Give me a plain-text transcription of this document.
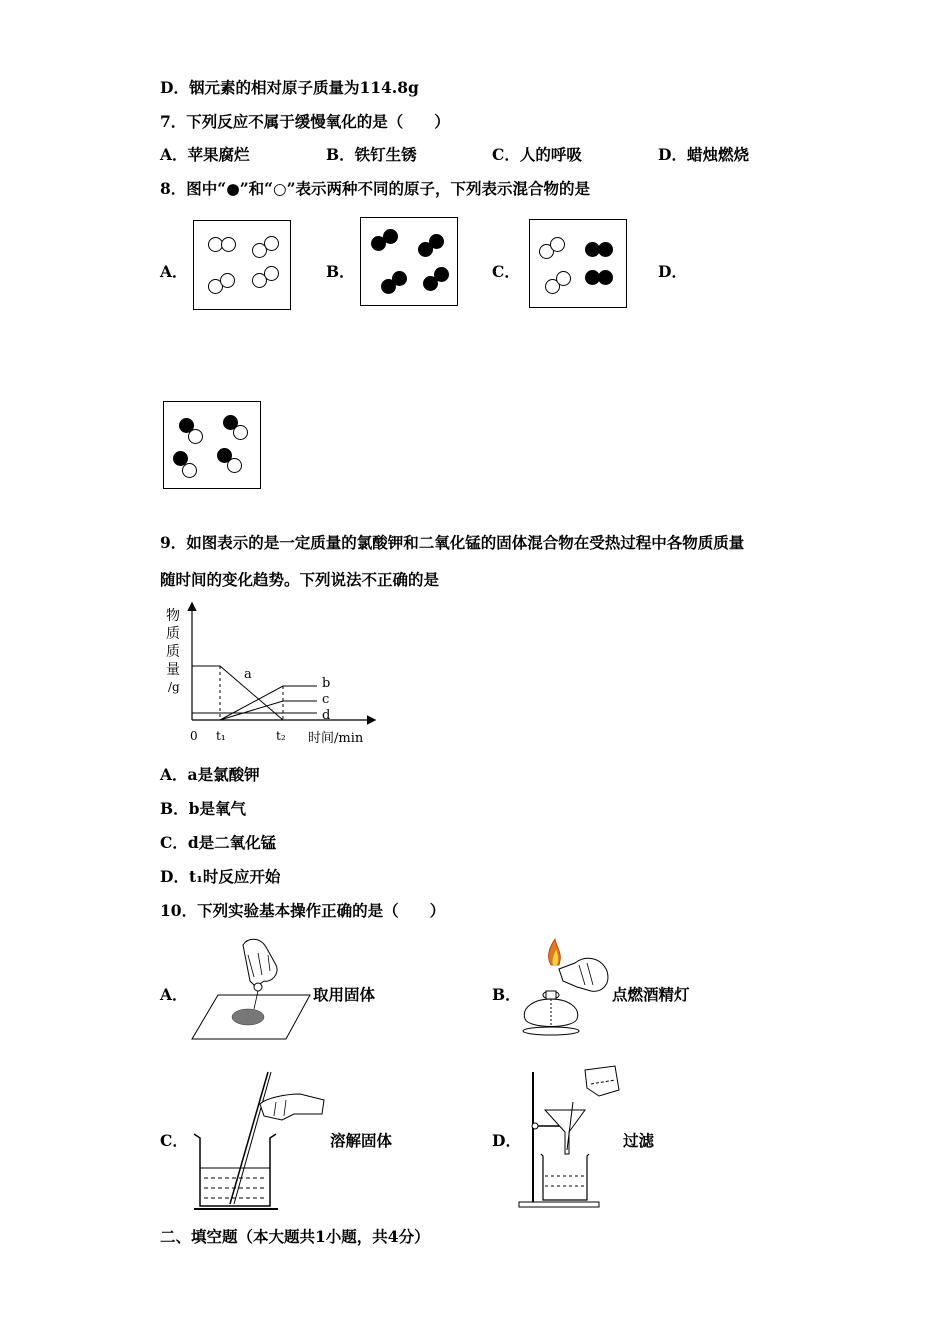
D．铟元素的相对原子质量为114.8g
7．下列反应不属于缓慢氧化的是（　　）
A．苹果腐烂	B．铁钉生锈	C．人的呼吸	D．蜡烛燃烧
8．图中“●”和“○”表示两种不同的原子，下列表示混合物的是
A．	B．	C．	D．
9．如图表示的是一定质量的氯酸钾和二氧化锰的固体混合物在受热过程中各物质质量
随时间的变化趋势。下列说法不正确的是
物
质
质
量
/g
a
b
c
d
0 t₁	t₂ 时间/min
A．a是氯酸钾
B．b是氧气
C．d是二氧化锰
D．t₁时反应开始
10．下列实验基本操作正确的是（　　）
A．	取用固体	B．	点燃酒精灯
C．	溶解固体	D．	过滤
二、填空题（本大题共1小题，共4分）
